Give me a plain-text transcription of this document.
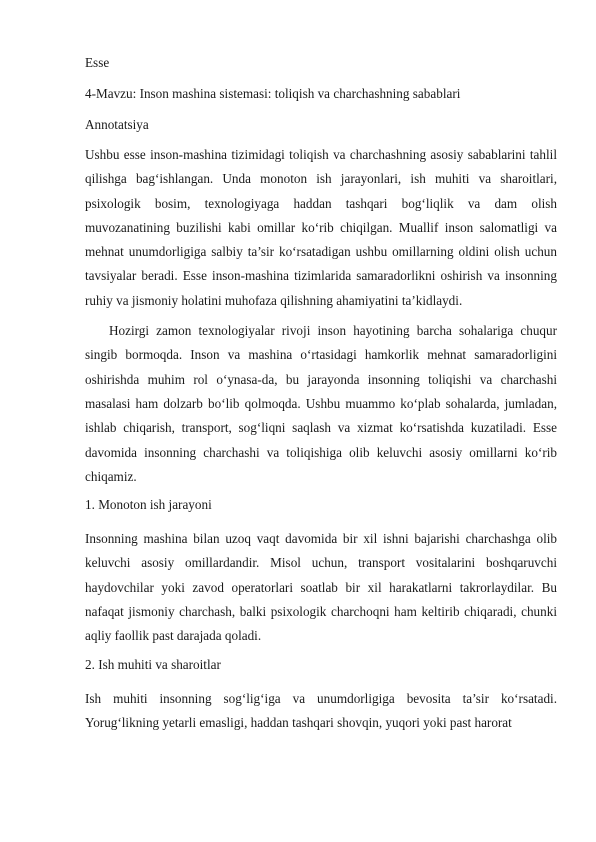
Esse

4-Mavzu: Inson mashina sistemasi: toliqish va charchashning sabablari

Annotatsiya

Ushbu esse inson-mashina tizimidagi toliqish va charchashning asosiy sabablarini tahlil qilishga bag‘ishlangan. Unda monoton ish jarayonlari, ish muhiti va sharoitlari, psixologik bosim, texnologiyaga haddan tashqari bog‘liqlik va dam olish muvozanatining buzilishi kabi omillar ko‘rib chiqilgan. Muallif inson salomatligi va mehnat unumdorligiga salbiy ta’sir ko‘rsatadigan ushbu omillarning oldini olish uchun tavsiyalar beradi. Esse inson-mashina tizimlarida samaradorlikni oshirish va insonning ruhiy va jismoniy holatini muhofaza qilishning ahamiyatini ta’kidlaydi.

Hozirgi zamon texnologiyalar rivoji inson hayotining barcha sohalariga chuqur singib bormoqda. Inson va mashina o‘rtasidagi hamkorlik mehnat samaradorligini oshirishda muhim rol o‘ynasa-da, bu jarayonda insonning toliqishi va charchashi masalasi ham dolzarb bo‘lib qolmoqda. Ushbu muammo ko‘plab sohalarda, jumladan, ishlab chiqarish, transport, sog‘liqni saqlash va xizmat ko‘rsatishda kuzatiladi. Esse davomida insonning charchashi va toliqishiga olib keluvchi asosiy omillarni ko‘rib chiqamiz.

1. Monoton ish jarayoni

Insonning mashina bilan uzoq vaqt davomida bir xil ishni bajarishi charchashga olib keluvchi asosiy omillardandir. Misol uchun, transport vositalarini boshqaruvchi haydovchilar yoki zavod operatorlari soatlab bir xil harakatlarni takrorlaydilar. Bu nafaqat jismoniy charchash, balki psixologik charchoqni ham keltirib chiqaradi, chunki aqliy faollik past darajada qoladi.

2. Ish muhiti va sharoitlar

Ish muhiti insonning sog‘lig‘iga va unumdorligiga bevosita ta’sir ko‘rsatadi. Yorug‘likning yetarli emasligi, haddan tashqari shovqin, yuqori yoki past harorat
